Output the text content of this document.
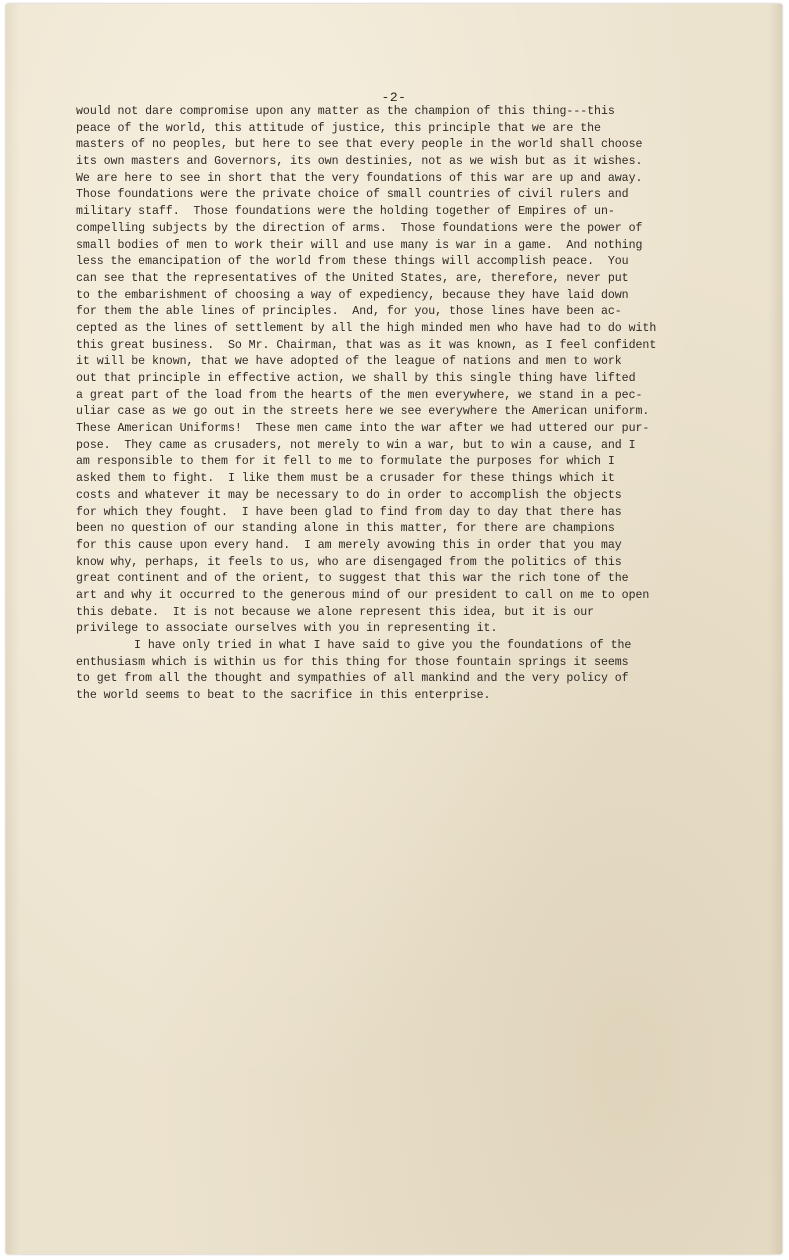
-2-
would not dare compromise upon any matter as the champion of this thing---this
peace of the world, this attitude of justice, this principle that we are the
masters of no peoples, but here to see that every people in the world shall choose
its own masters and Governors, its own destinies, not as we wish but as it wishes.
We are here to see in short that the very foundations of this war are up and away.
Those foundations were the private choice of small countries of civil rulers and
military staff.  Those foundations were the holding together of Empires of un-
compelling subjects by the direction of arms.  Those foundations were the power of
small bodies of men to work their will and use many is war in a game.  And nothing
less the emancipation of the world from these things will accomplish peace.  You
can see that the representatives of the United States, are, therefore, never put
to the embarishment of choosing a way of expediency, because they have laid down
for them the able lines of principles.  And, for you, those lines have been ac-
cepted as the lines of settlement by all the high minded men who have had to do with
this great business.  So Mr. Chairman, that was as it was known, as I feel confident
it will be known, that we have adopted of the league of nations and men to work
out that principle in effective action, we shall by this single thing have lifted
a great part of the load from the hearts of the men everywhere, we stand in a pec-
uliar case as we go out in the streets here we see everywhere the American uniform.
These American Uniforms!  These men came into the war after we had uttered our pur-
pose.  They came as crusaders, not merely to win a war, but to win a cause, and I
am responsible to them for it fell to me to formulate the purposes for which I
asked them to fight.  I like them must be a crusader for these things which it
costs and whatever it may be necessary to do in order to accomplish the objects
for which they fought.  I have been glad to find from day to day that there has
been no question of our standing alone in this matter, for there are champions
for this cause upon every hand.  I am merely avowing this in order that you may
know why, perhaps, it feels to us, who are disengaged from the politics of this
great continent and of the orient, to suggest that this war the rich tone of the
art and why it occurred to the generous mind of our president to call on me to open
this debate.  It is not because we alone represent this idea, but it is our
privilege to associate ourselves with you in representing it.
I have only tried in what I have said to give you the foundations of the
enthusiasm which is within us for this thing for those fountain springs it seems
to get from all the thought and sympathies of all mankind and the very policy of
the world seems to beat to the sacrifice in this enterprise.
